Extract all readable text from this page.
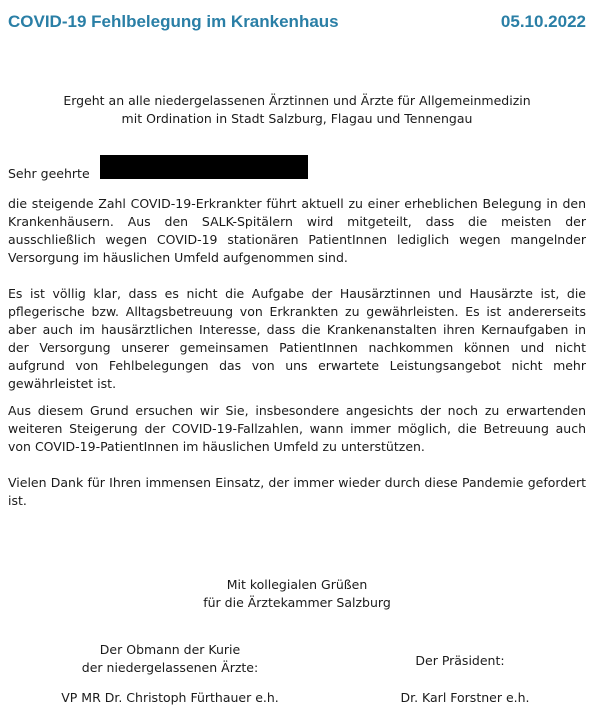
COVID-19 Fehlbelegung im Krankenhaus	05.10.2022
Ergeht an alle niedergelassenen Ärztinnen und Ärzte für Allgemeinmedizin
mit Ordination in Stadt Salzburg, Flagau und Tennengau
Sehr geehrte
die steigende Zahl COVID-19-Erkrankter führt aktuell zu einer erheblichen Belegung in den Krankenhäusern. Aus den SALK-Spitälern wird mitgeteilt, dass die meisten der ausschließlich wegen COVID-19 stationären PatientInnen lediglich wegen mangelnder Versorgung im häuslichen Umfeld aufgenommen sind.
Es ist völlig klar, dass es nicht die Aufgabe der Hausärztinnen und Hausärzte ist, die pflegerische bzw. Alltagsbetreuung von Erkrankten zu gewährleisten. Es ist andererseits aber auch im hausärztlichen Interesse, dass die Krankenanstalten ihren Kernaufgaben in der Versorgung unserer gemeinsamen PatientInnen nachkommen können und nicht aufgrund von Fehlbelegungen das von uns erwartete Leistungsangebot nicht mehr gewährleistet ist.
Aus diesem Grund ersuchen wir Sie, insbesondere angesichts der noch zu erwartenden weiteren Steigerung der COVID-19-Fallzahlen, wann immer möglich, die Betreuung auch von COVID-19-PatientInnen im häuslichen Umfeld zu unterstützen.
Vielen Dank für Ihren immensen Einsatz, der immer wieder durch diese Pandemie gefordert ist.
Mit kollegialen Grüßen
für die Ärztekammer Salzburg
Der Obmann der Kurie
der niedergelassenen Ärzte:	Der Präsident:
VP MR Dr. Christoph Fürthauer e.h.	Dr. Karl Forstner e.h.
